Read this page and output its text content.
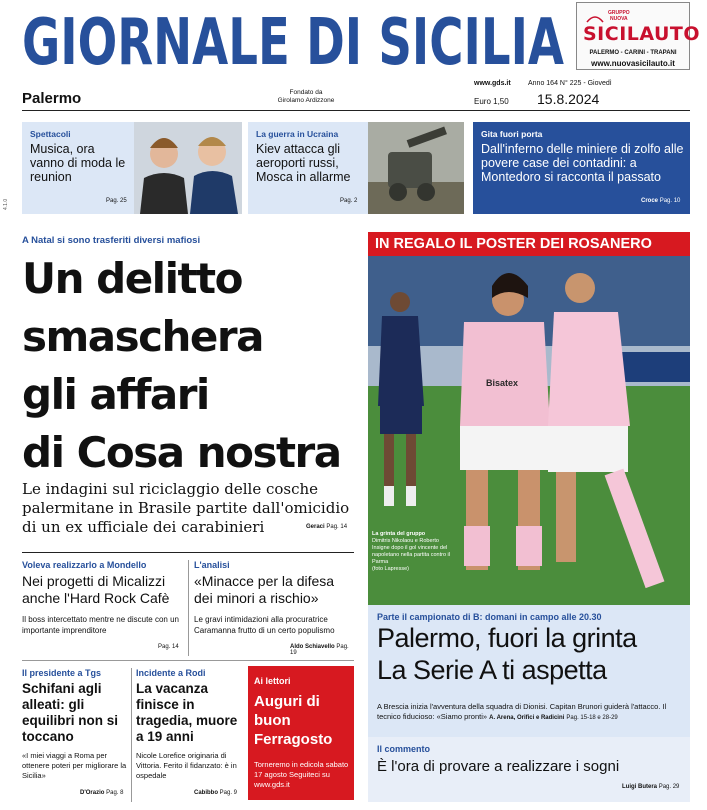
GIORNALE DI SICILIA	GRUPPO
NUOVA
SICILAUTO
PALERMO - CARINI - TRAPANI
www.nuovasicilauto.it
Palermo	Fondato da
Girolamo Ardizzone
www.gds.it
Euro 1,50
Anno 164 N° 225 - Giovedì
15.8.2024
4.1.0
Spettacoli
Musica, ora vanno di moda le reunion
Pag. 25
La guerra in Ucraina
Kiev attacca gli aeroporti russi, Mosca in allarme
Pag. 2
Gita fuori porta
Dall'inferno delle miniere di zolfo alle povere case dei contadini: a Montedoro si racconta il passato
Croce Pag. 10
A Natal si sono trasferiti diversi mafiosi
Un delitto
smaschera
gli affari
di Cosa nostra
Le indagini sul riciclaggio delle cosche palermitane in Brasile partite dall'omicidio di un ex ufficiale dei carabinieri	Geraci Pag. 14
Voleva realizzarlo a Mondello
Nei progetti di Micalizzi anche l'Hard Rock Cafè
Il boss intercettato mentre ne discute con un importante imprenditore
Pag. 14
L'analisi
«Minacce per la difesa dei minori a rischio»
Le gravi intimidazioni alla procuratrice Caramanna frutto di un certo populismo
Aldo Schiavello Pag. 19
Il presidente a Tgs
Schifani agli alleati: gli equilibri non si toccano
«I miei viaggi a Roma per ottenere poteri per migliorare la Sicilia»
D'Orazio Pag. 8
Incidente a Rodi
La vacanza finisce in tragedia, muore a 19 anni
Nicole Lorefice originaria di Vittoria. Ferito il fidanzato: è in ospedale
Cabibbo Pag. 9
Ai lettori
Auguri di buon Ferragosto
Torneremo in edicola sabato 17 agosto Seguiteci su www.gds.it
IN REGALO IL POSTER DEI ROSANERO
Bisatex
La grinta del gruppo
Dimitris Nikolaou e Roberto Insigne dopo il gol vincente del napoletano nella partita contro il Parma
(foto Lapresse)
Parte il campionato di B: domani in campo alle 20.30
Palermo, fuori la grinta
La Serie A ti aspetta
A Brescia inizia l'avventura della squadra di Dionisi. Capitan Brunori guiderà l'attacco. Il tecnico fiducioso: «Siamo pronti» A. Arena, Orifici e Radicini Pag. 15-18 e 28-29
Il commento
È l'ora di provare a realizzare i sogni
Luigi Butera Pag. 29
